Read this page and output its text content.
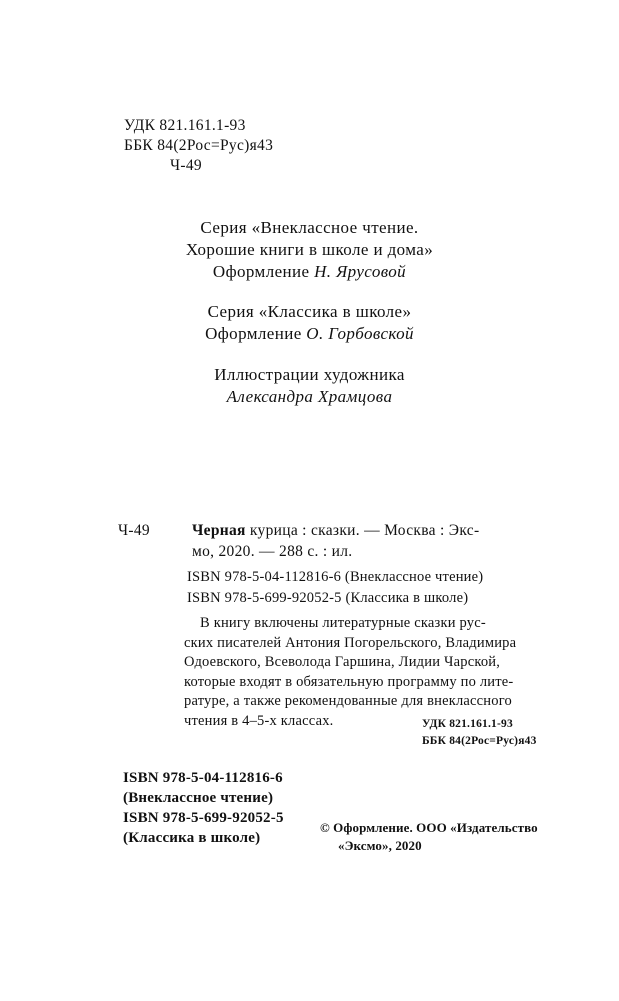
УДК 821.161.1-93
ББК 84(2Рос=Рус)я43
Ч-49
Серия «Внеклассное чтение.
Хорошие книги в школе и дома»
Оформление Н. Ярусовой
Серия «Классика в школе»
Оформление О. Горбовской
Иллюстрации художника
Александра Храмцова
Ч-49	Черная курица : сказки. — Москва : Экс-
мо, 2020. — 288 с. : ил.
ISBN 978-5-04-112816-6 (Внеклассное чтение)
ISBN 978-5-699-92052-5 (Классика в школе)
В книгу включены литературные сказки рус-
ских писателей Антония Погорельского, Владимира
Одоевского, Всеволода Гаршина, Лидии Чарской,
которые входят в обязательную программу по лите-
ратуре, а также рекомендованные для внеклассного
чтения в 4–5-х классах.	УДК 821.161.1-93
ББК 84(2Рос=Рус)я43
ISBN 978-5-04-112816-6
(Внеклассное чтение)
ISBN 978-5-699-92052-5
(Классика в школе)
© Оформление. ООО «Издательство
«Эксмо», 2020
